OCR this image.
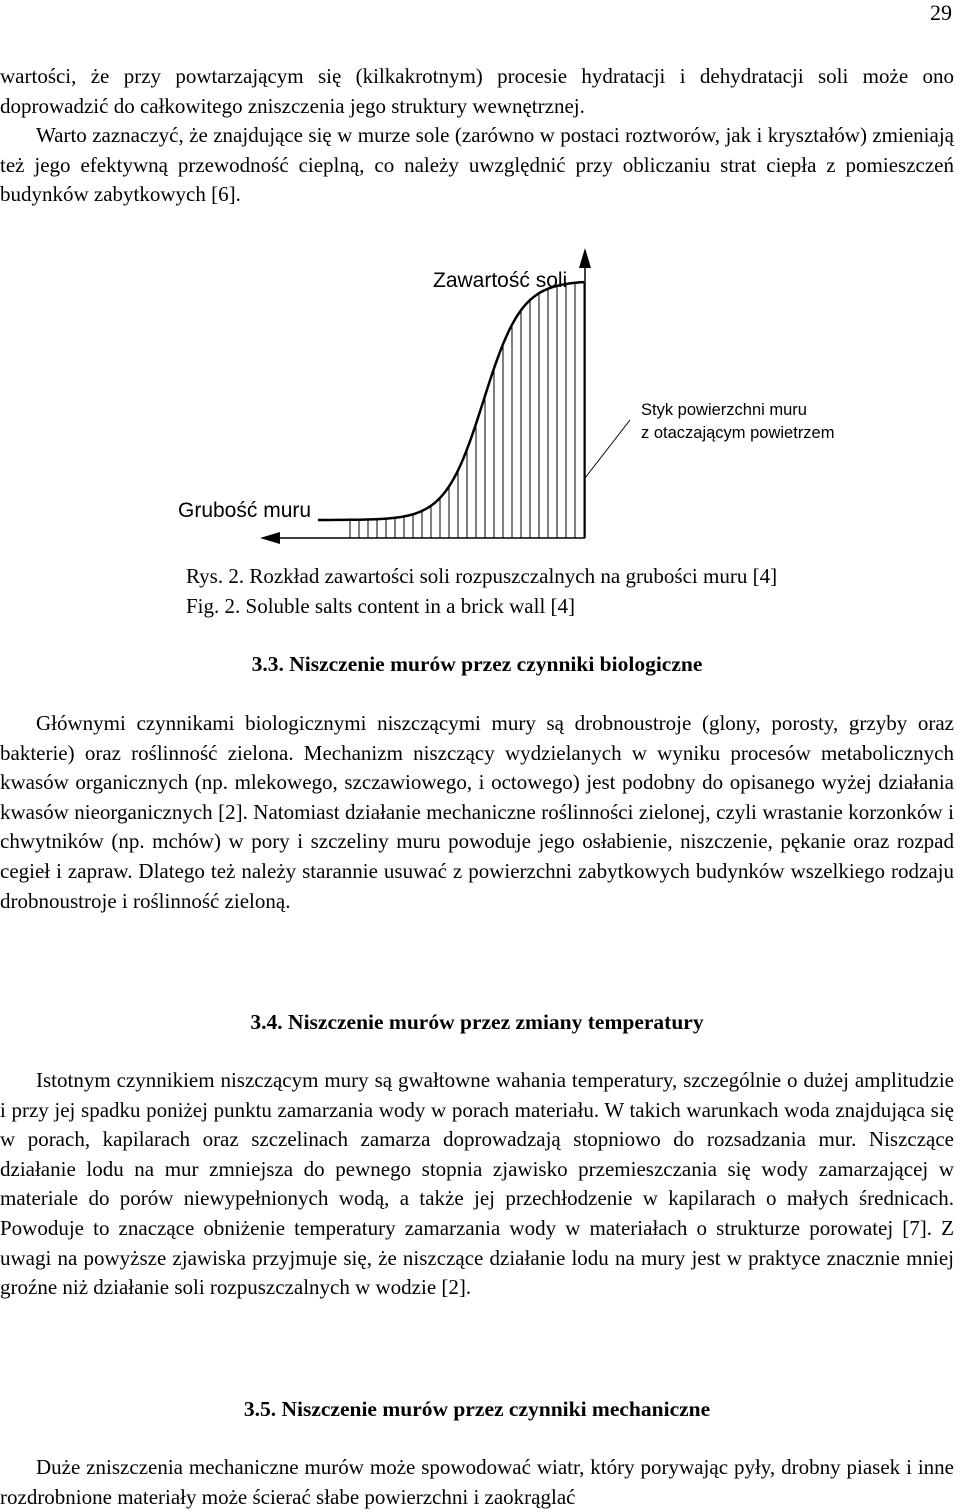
29

wartości, że przy powtarzającym się (kilkakrotnym) procesie hydratacji i dehydratacji soli może ono doprowadzić do całkowitego zniszczenia jego struktury wewnętrznej.

Warto zaznaczyć, że znajdujące się w murze sole (zarówno w postaci roztworów, jak i kryształów) zmieniają też jego efektywną przewodność cieplną, co należy uwzględnić przy obliczaniu strat ciepła z pomieszczeń budynków zabytkowych [6].

Zawartość soli
Grubość muru
Styk powierzchni muru
z otaczającym powietrzem

Rys. 2. Rozkład zawartości soli rozpuszczalnych na grubości muru [4]

Fig. 2. Soluble salts content in a brick wall [4]

3.3. Niszczenie murów przez czynniki biologiczne

Głównymi czynnikami biologicznymi niszczącymi mury są drobnoustroje (glony, porosty, grzyby oraz bakterie) oraz roślinność zielona. Mechanizm niszczący wydzielanych w wyniku procesów metabolicznych kwasów organicznych (np. mlekowego, szczawiowego, i octowego) jest podobny do opisanego wyżej działania kwasów nieorganicznych [2]. Natomiast działanie mechaniczne roślinności zielonej, czyli wrastanie korzonków i chwytników (np. mchów) w pory i szczeliny muru powoduje jego osłabienie, niszczenie, pękanie oraz rozpad cegieł i zapraw. Dlatego też należy starannie usuwać z powierzchni zabytkowych budynków wszelkiego rodzaju drobnoustroje i roślinność zieloną.

3.4. Niszczenie murów przez zmiany temperatury

Istotnym czynnikiem niszczącym mury są gwałtowne wahania temperatury, szczególnie o dużej amplitudzie i przy jej spadku poniżej punktu zamarzania wody w porach materiału. W takich warunkach woda znajdująca się w porach, kapilarach oraz szczelinach zamarza doprowadzają stopniowo do rozsadzania mur. Niszczące działanie lodu na mur zmniejsza do pewnego stopnia zjawisko przemieszczania się wody zamarzającej w materiale do porów niewypełnionych wodą, a także jej przechłodzenie w kapilarach o małych średnicach. Powoduje to znaczące obniżenie temperatury zamarzania wody w materiałach o strukturze porowatej [7]. Z uwagi na powyższe zjawiska przyjmuje się, że niszczące działanie lodu na mury jest w praktyce znacznie mniej groźne niż działanie soli rozpuszczalnych w wodzie [2].

3.5. Niszczenie murów przez czynniki mechaniczne

Duże zniszczenia mechaniczne murów może spowodować wiatr, który porywając pyły, drobny piasek i inne rozdrobnione materiały może ścierać słabe powierzchni i zaokrąglać
